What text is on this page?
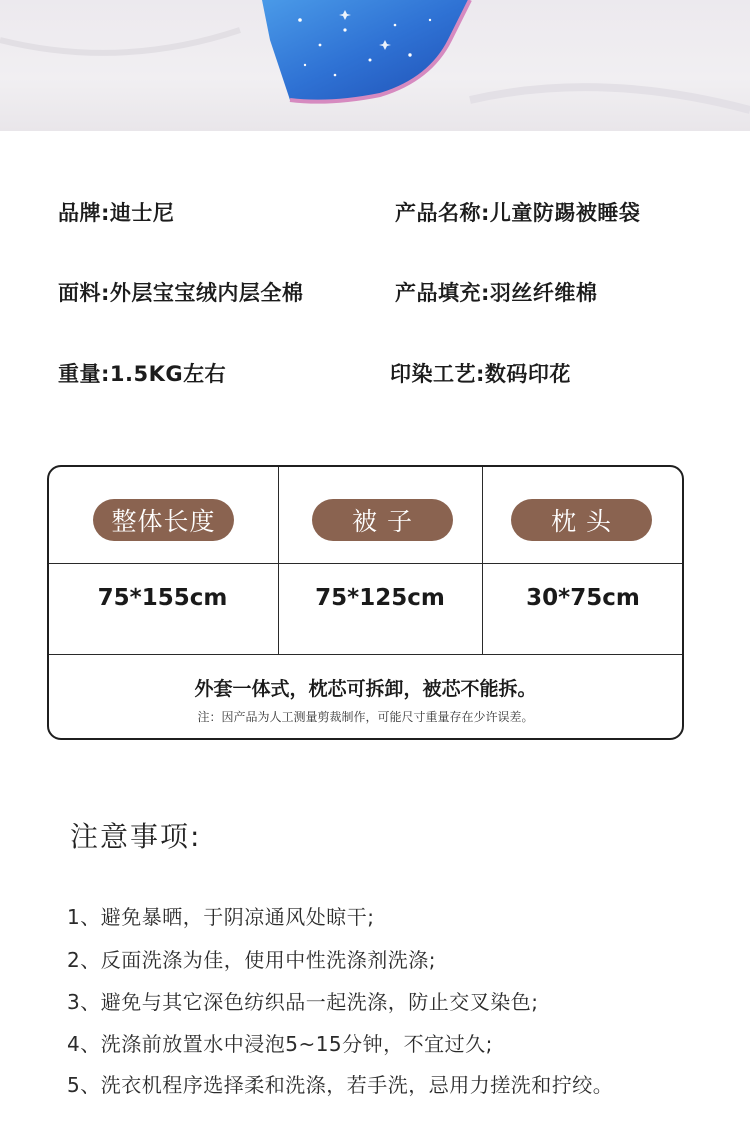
品牌:迪士尼	产品名称:儿童防踢被睡袋
面料:外层宝宝绒内层全棉	产品填充:羽丝纤维棉
重量:1.5KG左右	印染工艺:数码印花
整体长度	被 子	枕 头
75*155cm	75*125cm	30*75cm
外套一体式，枕芯可拆卸，被芯不能拆。
注：因产品为人工测量剪裁制作，可能尺寸重量存在少许误差。
注意事项:
1、避免暴晒，于阴凉通风处晾干;
2、反面洗涤为佳，使用中性洗涤剂洗涤;
3、避免与其它深色纺织品一起洗涤，防止交叉染色;
4、洗涤前放置水中浸泡5~15分钟，不宜过久;
5、洗衣机程序选择柔和洗涤，若手洗，忌用力搓洗和拧绞。
